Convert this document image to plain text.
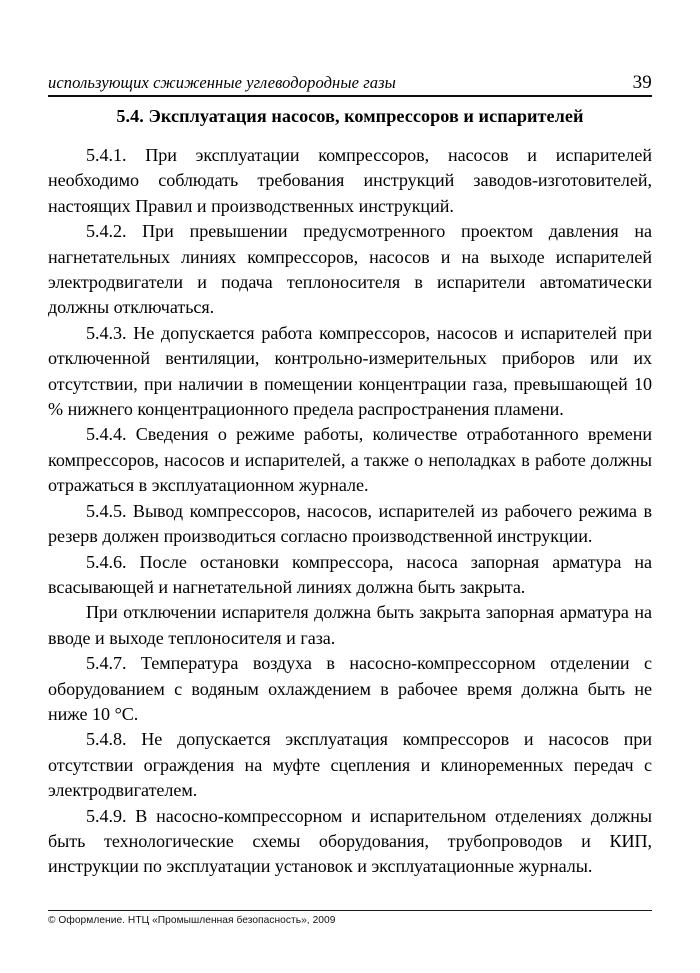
использующих сжиженные углеводородные газы	39
5.4. Эксплуатация насосов, компрессоров и испарителей

5.4.1. При эксплуатации компрессоров, насосов и испарителей необходимо соблюдать требования инструкций заводов-изготовителей, настоящих Правил и производственных инструкций.

5.4.2. При превышении предусмотренного проектом давления на нагнетательных линиях компрессоров, насосов и на выходе испарителей электродвигатели и подача теплоносителя в испарители автоматически должны отключаться.

5.4.3. Не допускается работа компрессоров, насосов и испарителей при отключенной вентиляции, контрольно-измерительных приборов или их отсутствии, при наличии в помещении концентрации газа, превышающей 10 % нижнего концентрационного предела распространения пламени.

5.4.4. Сведения о режиме работы, количестве отработанного времени компрессоров, насосов и испарителей, а также о неполадках в работе должны отражаться в эксплуатационном журнале.

5.4.5. Вывод компрессоров, насосов, испарителей из рабочего режима в резерв должен производиться согласно производственной инструкции.

5.4.6. После остановки компрессора, насоса запорная арматура на всасывающей и нагнетательной линиях должна быть закрыта.

При отключении испарителя должна быть закрыта запорная арматура на вводе и выходе теплоносителя и газа.

5.4.7. Температура воздуха в насосно-компрессорном отделении с оборудованием с водяным охлаждением в рабочее время должна быть не ниже 10 °C.

5.4.8. Не допускается эксплуатация компрессоров и насосов при отсутствии ограждения на муфте сцепления и клиноременных передач с электродвигателем.

5.4.9. В насосно-компрессорном и испарительном отделениях должны быть технологические схемы оборудования, трубопроводов и КИП, инструкции по эксплуатации установок и эксплуатационные журналы.

© Оформление. НТЦ «Промышленная безопасность», 2009
